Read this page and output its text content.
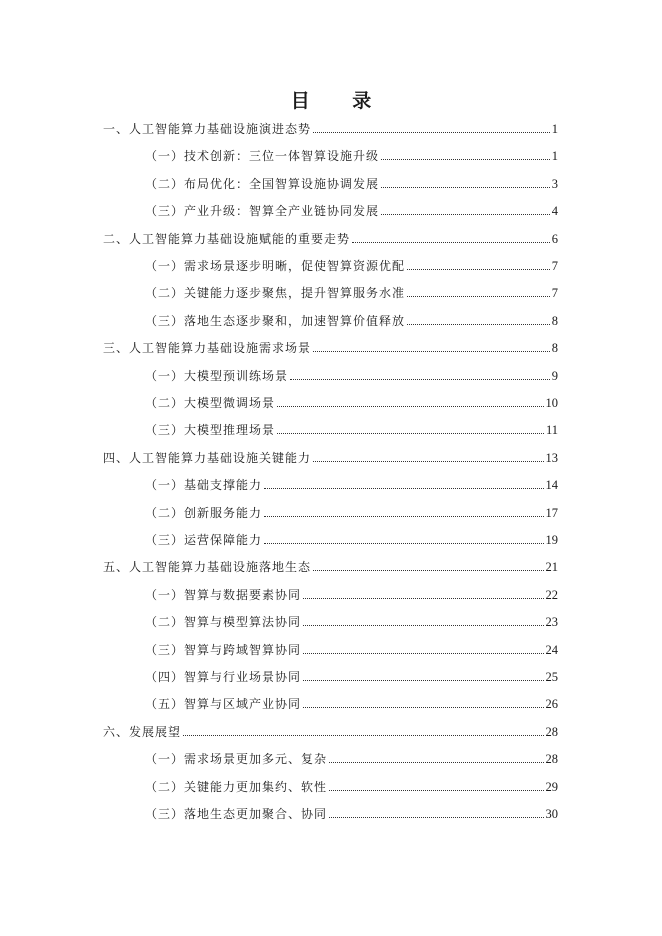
目 录
一、人工智能算力基础设施演进态势	1
（一）技术创新：三位一体智算设施升级	1
（二）布局优化：全国智算设施协调发展	3
（三）产业升级：智算全产业链协同发展	4
二、人工智能算力基础设施赋能的重要走势	6
（一）需求场景逐步明晰，促使智算资源优配	7
（二）关键能力逐步聚焦，提升智算服务水准	7
（三）落地生态逐步聚和，加速智算价值释放	8
三、人工智能算力基础设施需求场景	8
（一）大模型预训练场景	9
（二）大模型微调场景	10
（三）大模型推理场景	11
四、人工智能算力基础设施关键能力	13
（一）基础支撑能力	14
（二）创新服务能力	17
（三）运营保障能力	19
五、人工智能算力基础设施落地生态	21
（一）智算与数据要素协同	22
（二）智算与模型算法协同	23
（三）智算与跨域智算协同	24
（四）智算与行业场景协同	25
（五）智算与区域产业协同	26
六、发展展望	28
（一）需求场景更加多元、复杂	28
（二）关键能力更加集约、软性	29
（三）落地生态更加聚合、协同	30
